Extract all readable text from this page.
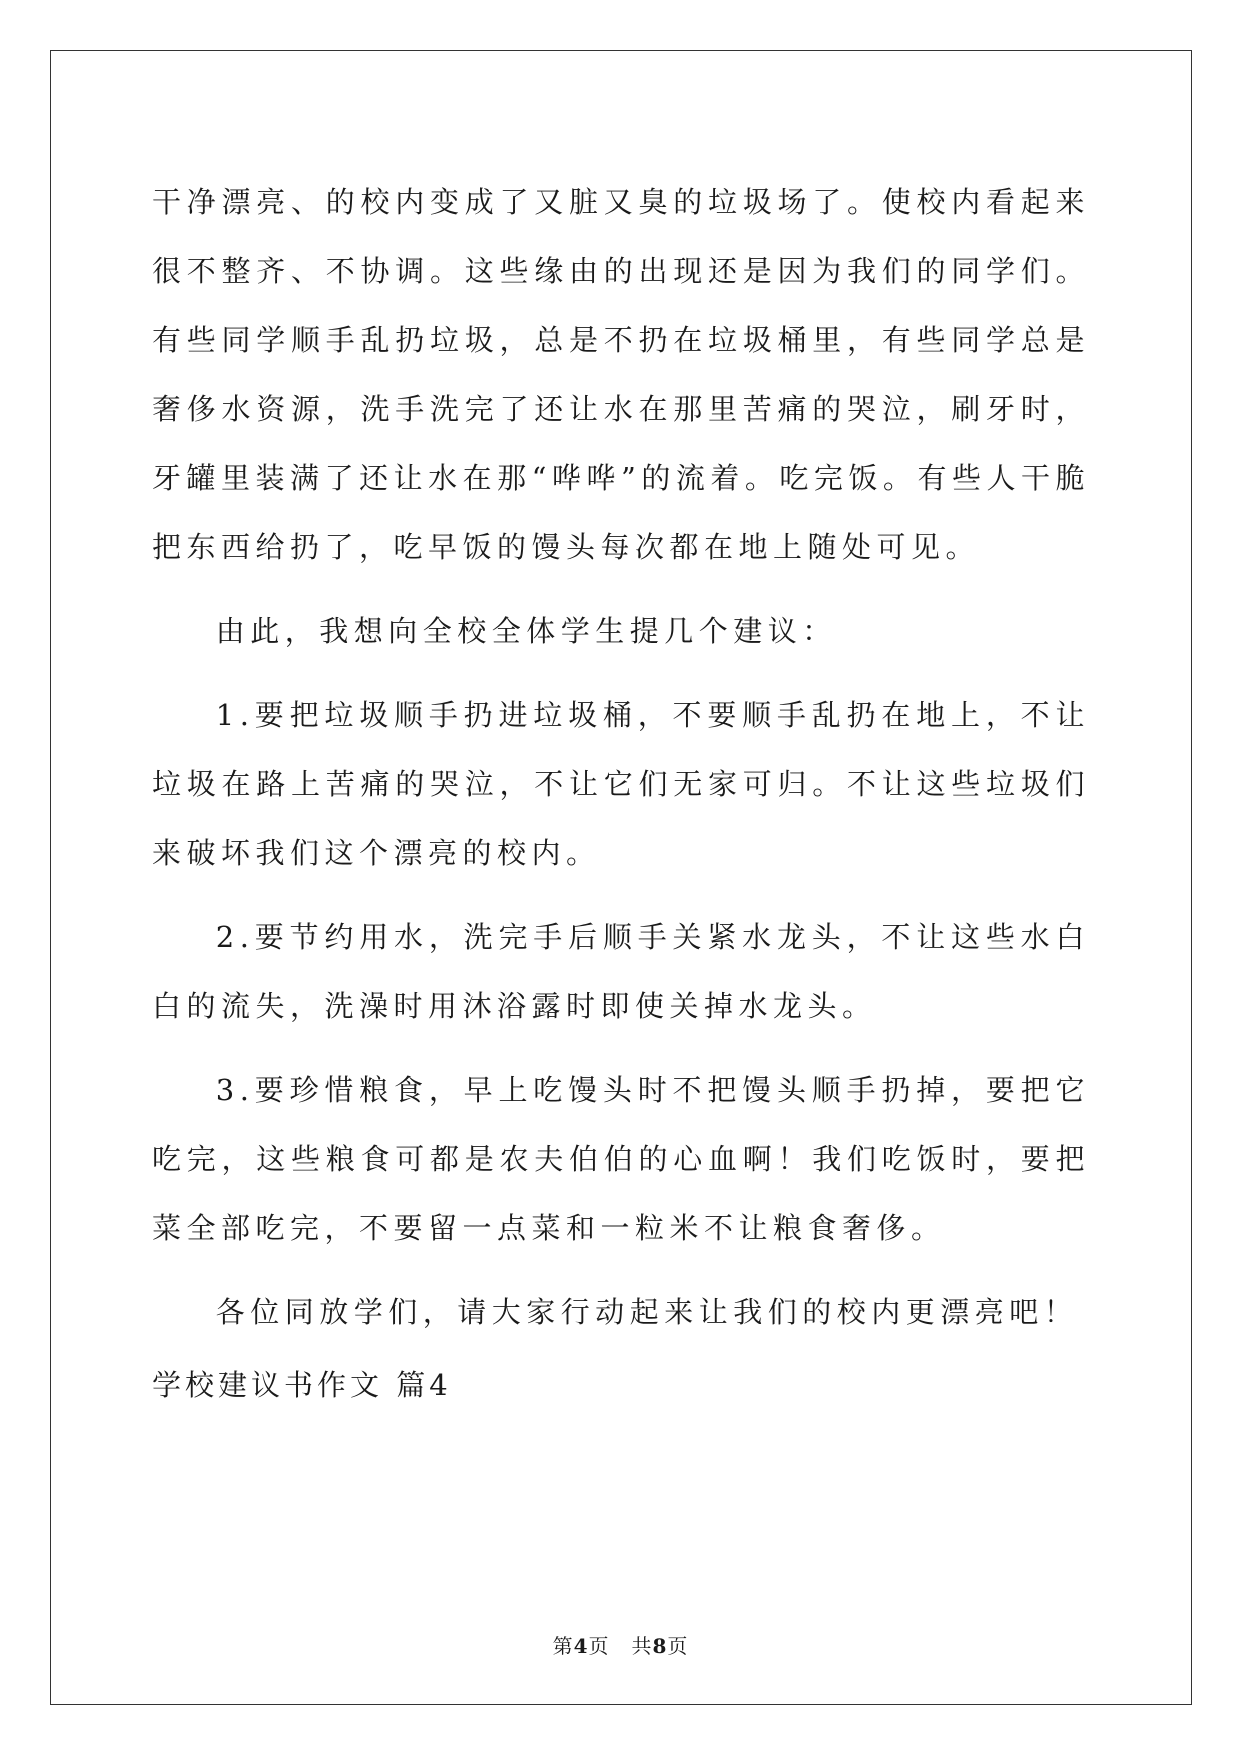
干净漂亮、的校内变成了又脏又臭的垃圾场了。使校内看起来很不整齐、不协调。这些缘由的出现还是因为我们的同学们。有些同学顺手乱扔垃圾，总是不扔在垃圾桶里，有些同学总是奢侈水资源，洗手洗完了还让水在那里苦痛的哭泣，刷牙时，牙罐里装满了还让水在那“哗哗”的流着。吃完饭。有些人干脆把东西给扔了，吃早饭的馒头每次都在地上随处可见。

由此，我想向全校全体学生提几个建议：

1.要把垃圾顺手扔进垃圾桶，不要顺手乱扔在地上，不让垃圾在路上苦痛的哭泣，不让它们无家可归。不让这些垃圾们来破坏我们这个漂亮的校内。

2.要节约用水，洗完手后顺手关紧水龙头，不让这些水白白的流失，洗澡时用沐浴露时即使关掉水龙头。

3.要珍惜粮食，早上吃馒头时不把馒头顺手扔掉，要把它吃完，这些粮食可都是农夫伯伯的心血啊！我们吃饭时，要把菜全部吃完，不要留一点菜和一粒米不让粮食奢侈。

各位同放学们，请大家行动起来让我们的校内更漂亮吧！

学校建议书作文 篇4
第4页 共8页
